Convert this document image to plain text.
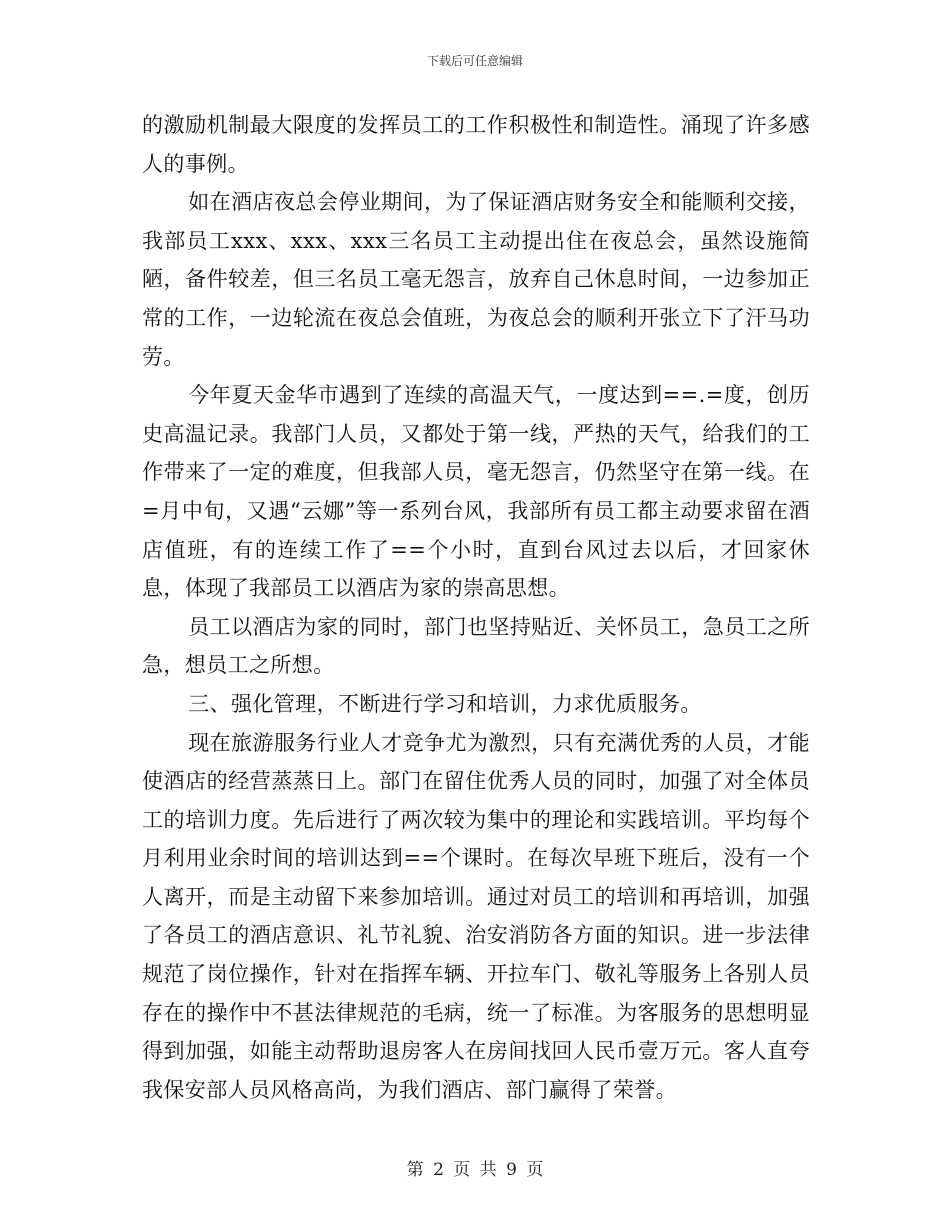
下载后可任意编辑

的激励机制最大限度的发挥员工的工作积极性和制造性。涌现了许多感人的事例。

如在酒店夜总会停业期间，为了保证酒店财务安全和能顺利交接，我部员工xxx、xxx、xxx三名员工主动提出住在夜总会，虽然设施简陋，备件较差，但三名员工毫无怨言，放弃自己休息时间，一边参加正常的工作，一边轮流在夜总会值班，为夜总会的顺利开张立下了汗马功劳。

今年夏天金华市遇到了连续的高温天气，一度达到==.=度，创历史高温记录。我部门人员，又都处于第一线，严热的天气，给我们的工作带来了一定的难度，但我部人员，毫无怨言，仍然坚守在第一线。在=月中旬，又遇“云娜”等一系列台风，我部所有员工都主动要求留在酒店值班，有的连续工作了==个小时，直到台风过去以后，才回家休息，体现了我部员工以酒店为家的崇高思想。

员工以酒店为家的同时，部门也坚持贴近、关怀员工，急员工之所急，想员工之所想。

三、强化管理，不断进行学习和培训，力求优质服务。

现在旅游服务行业人才竞争尤为激烈，只有充满优秀的人员，才能使酒店的经营蒸蒸日上。部门在留住优秀人员的同时，加强了对全体员工的培训力度。先后进行了两次较为集中的理论和实践培训。平均每个月利用业余时间的培训达到==个课时。在每次早班下班后，没有一个人离开，而是主动留下来参加培训。通过对员工的培训和再培训，加强了各员工的酒店意识、礼节礼貌、治安消防各方面的知识。进一步法律规范了岗位操作，针对在指挥车辆、开拉车门、敬礼等服务上各别人员存在的操作中不甚法律规范的毛病，统一了标准。为客服务的思想明显得到加强，如能主动帮助退房客人在房间找回人民币壹万元。客人直夸我保安部人员风格高尚，为我们酒店、部门赢得了荣誉。

第 2 页 共 9 页
